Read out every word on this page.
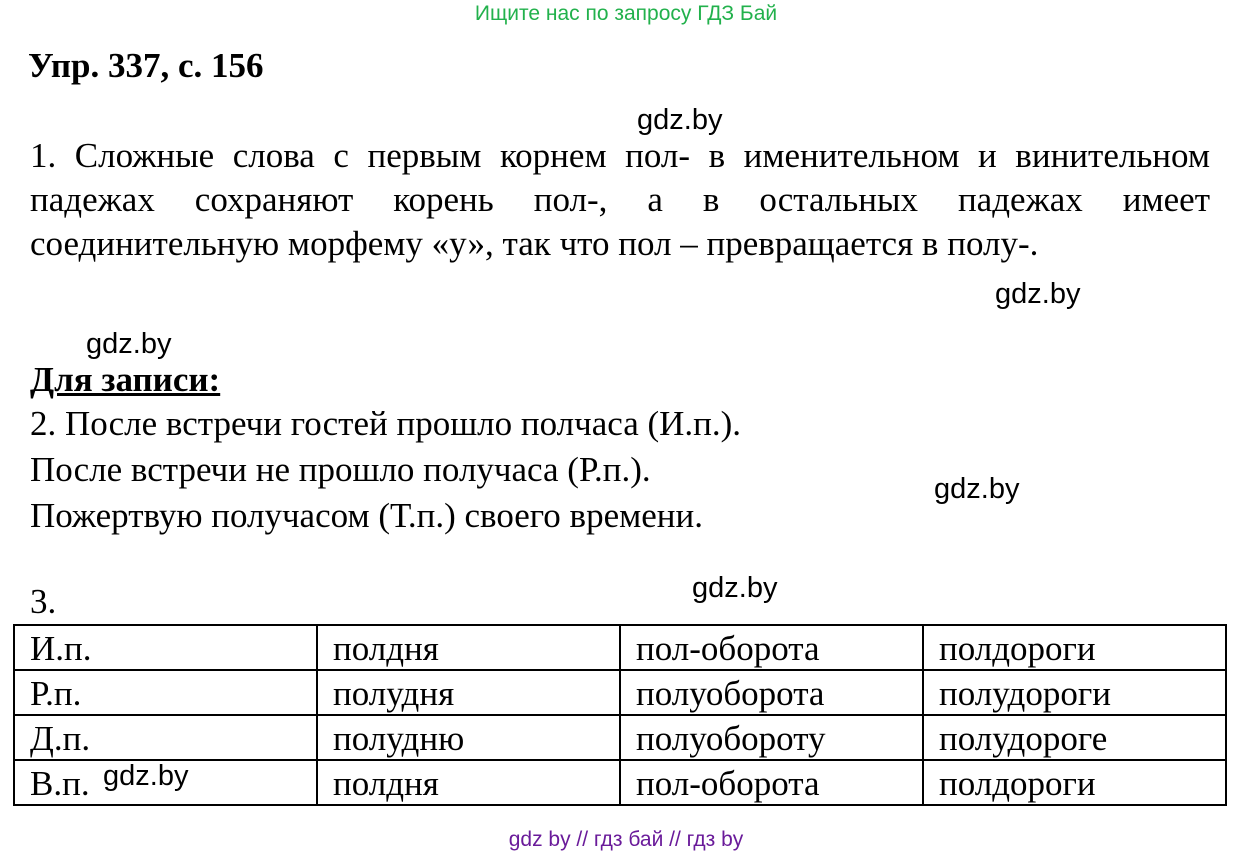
Ищите нас по запросу ГДЗ Бай
Упр. 337, с. 156
gdz.by

1. Сложные слова с первым корнем пол- в именительном и винительном падежах сохраняют корень пол-, а в остальных падежах имеет соединительную морфему «у», так что пол – превращается в полу-.

gdz.by
gdz.by
Для записи:
2. После встречи гостей прошло полчаса (И.п.).
После встречи не прошло получаса (Р.п.).
Пожертвую получасом (Т.п.) своего времени.
gdz.by
gdz.by
3.
И.п.	полдня	пол-оборота	полдороги
Р.п.	полудня	полуоборота	полудороги
Д.п.	полудню	полуобороту	полудороге
В.п.	полдня	пол-оборота	полдороги
gdz.by
gdz by // гдз бай // гдз by
